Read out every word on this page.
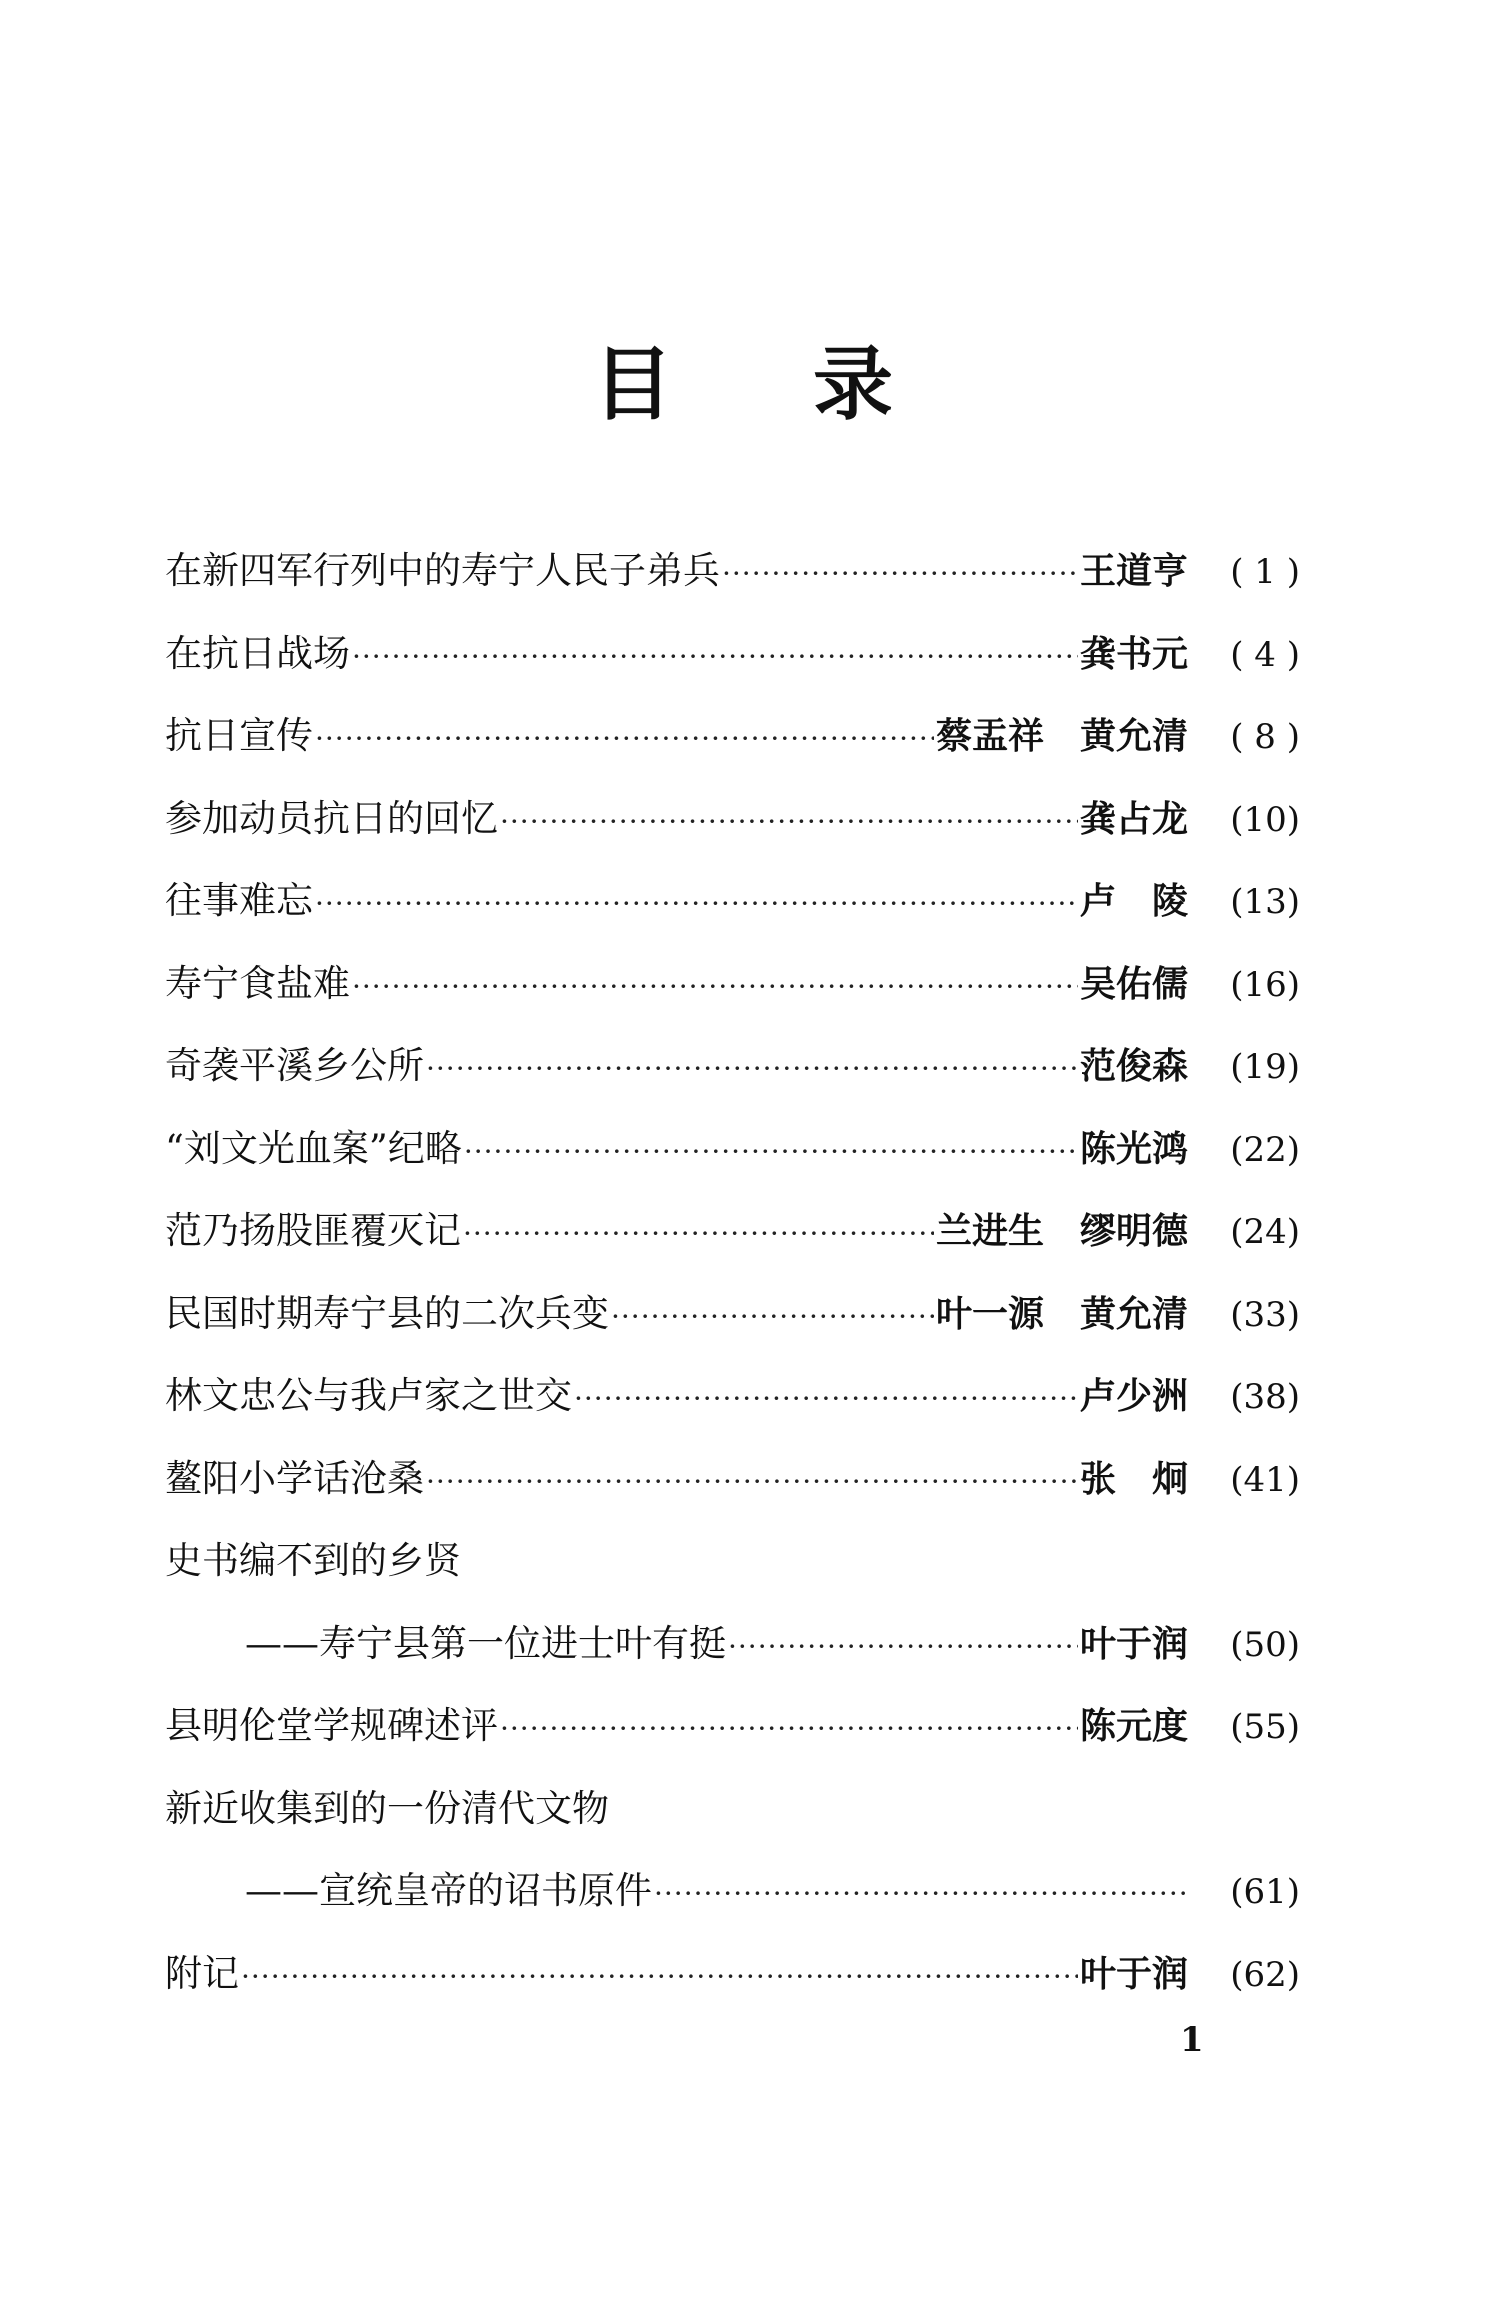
目 录
在新四军行列中的寿宁人民子弟兵 ·····	王道亨	( 1 )
在抗日战场 ·····	龚书元	( 4 )
抗日宣传 ·····	蔡盂祥　黄允清	( 8 )
参加动员抗日的回忆 ·····	龚占龙	(10)
往事难忘 ·····	卢　陵	(13)
寿宁食盐难 ·····	吴佑儒	(16)
奇袭平溪乡公所 ·····	范俊森	(19)
“刘文光血案”纪略 ·····	陈光鸿	(22)
范乃扬股匪覆灭记 ·····	兰进生　缪明德	(24)
民国时期寿宁县的二次兵变 ·····	叶一源　黄允清	(33)
林文忠公与我卢家之世交 ·····	卢少洲	(38)
鳌阳小学话沧桑 ·····	张　炯	(41)
史书编不到的乡贤
——寿宁县第一位进士叶有挺 ·····	叶于润	(50)
县明伦堂学规碑述评 ·····	陈元度	(55)
新近收集到的一份清代文物
——宣统皇帝的诏书原件 ·····	(61)
附记 ·····	叶于润	(62)
1
